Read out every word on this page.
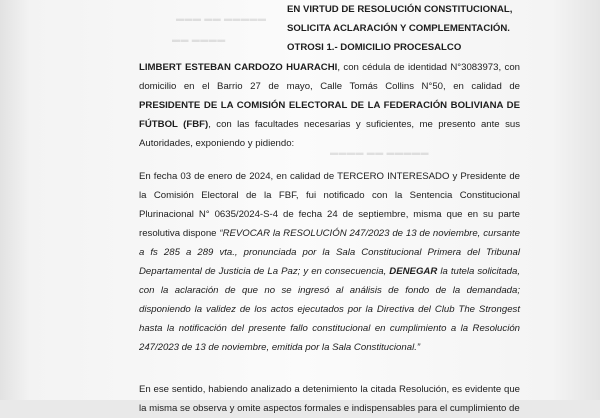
EN VIRTUD DE RESOLUCIÓN CONSTITUCIONAL,
SOLICITA ACLARACIÓN Y COMPLEMENTACIÓN.
OTROSI 1.- DOMICILIO PROCESALCO
▬▬▬ ▬▬ ▬▬▬▬▬
▬▬ ▬▬▬▬
▬▬▬▬ ▬▬ ▬▬▬▬▬

LIMBERT ESTEBAN CARDOZO HUARACHI, con cédula de identidad N°3083973, con domicilio en el Barrio 27 de mayo, Calle Tomás Collins N°50, en calidad de PRESIDENTE DE LA COMISIÓN ELECTORAL DE LA FEDERACIÓN BOLIVIANA DE FÚTBOL (FBF), con las facultades necesarias y suficientes, me presento ante sus Autoridades, exponiendo y pidiendo:

En fecha 03 de enero de 2024, en calidad de TERCERO INTERESADO y Presidente de la Comisión Electoral de la FBF, fui notificado con la Sentencia Constitucional Plurinacional N° 0635/2024-S-4 de fecha 24 de septiembre, misma que en su parte resolutiva dispone “REVOCAR la RESOLUCIÓN 247/2023 de 13 de noviembre, cursante a fs 285 a 289 vta., pronunciada por la Sala Constitucional Primera del Tribunal Departamental de Justicia de La Paz; y en consecuencia, DENEGAR la tutela solicitada, con la aclaración de que no se ingresó al análisis de fondo de la demandada; disponiendo la validez de los actos ejecutados por la Directiva del Club The Strongest hasta la notificación del presente fallo constitucional en cumplimiento a la Resolución 247/2023 de 13 de noviembre, emitida por la Sala Constitucional.”

En ese sentido, habiendo analizado a detenimiento la citada Resolución, es evidente que la misma se observa y omite aspectos formales e indispensables para el cumplimiento de
